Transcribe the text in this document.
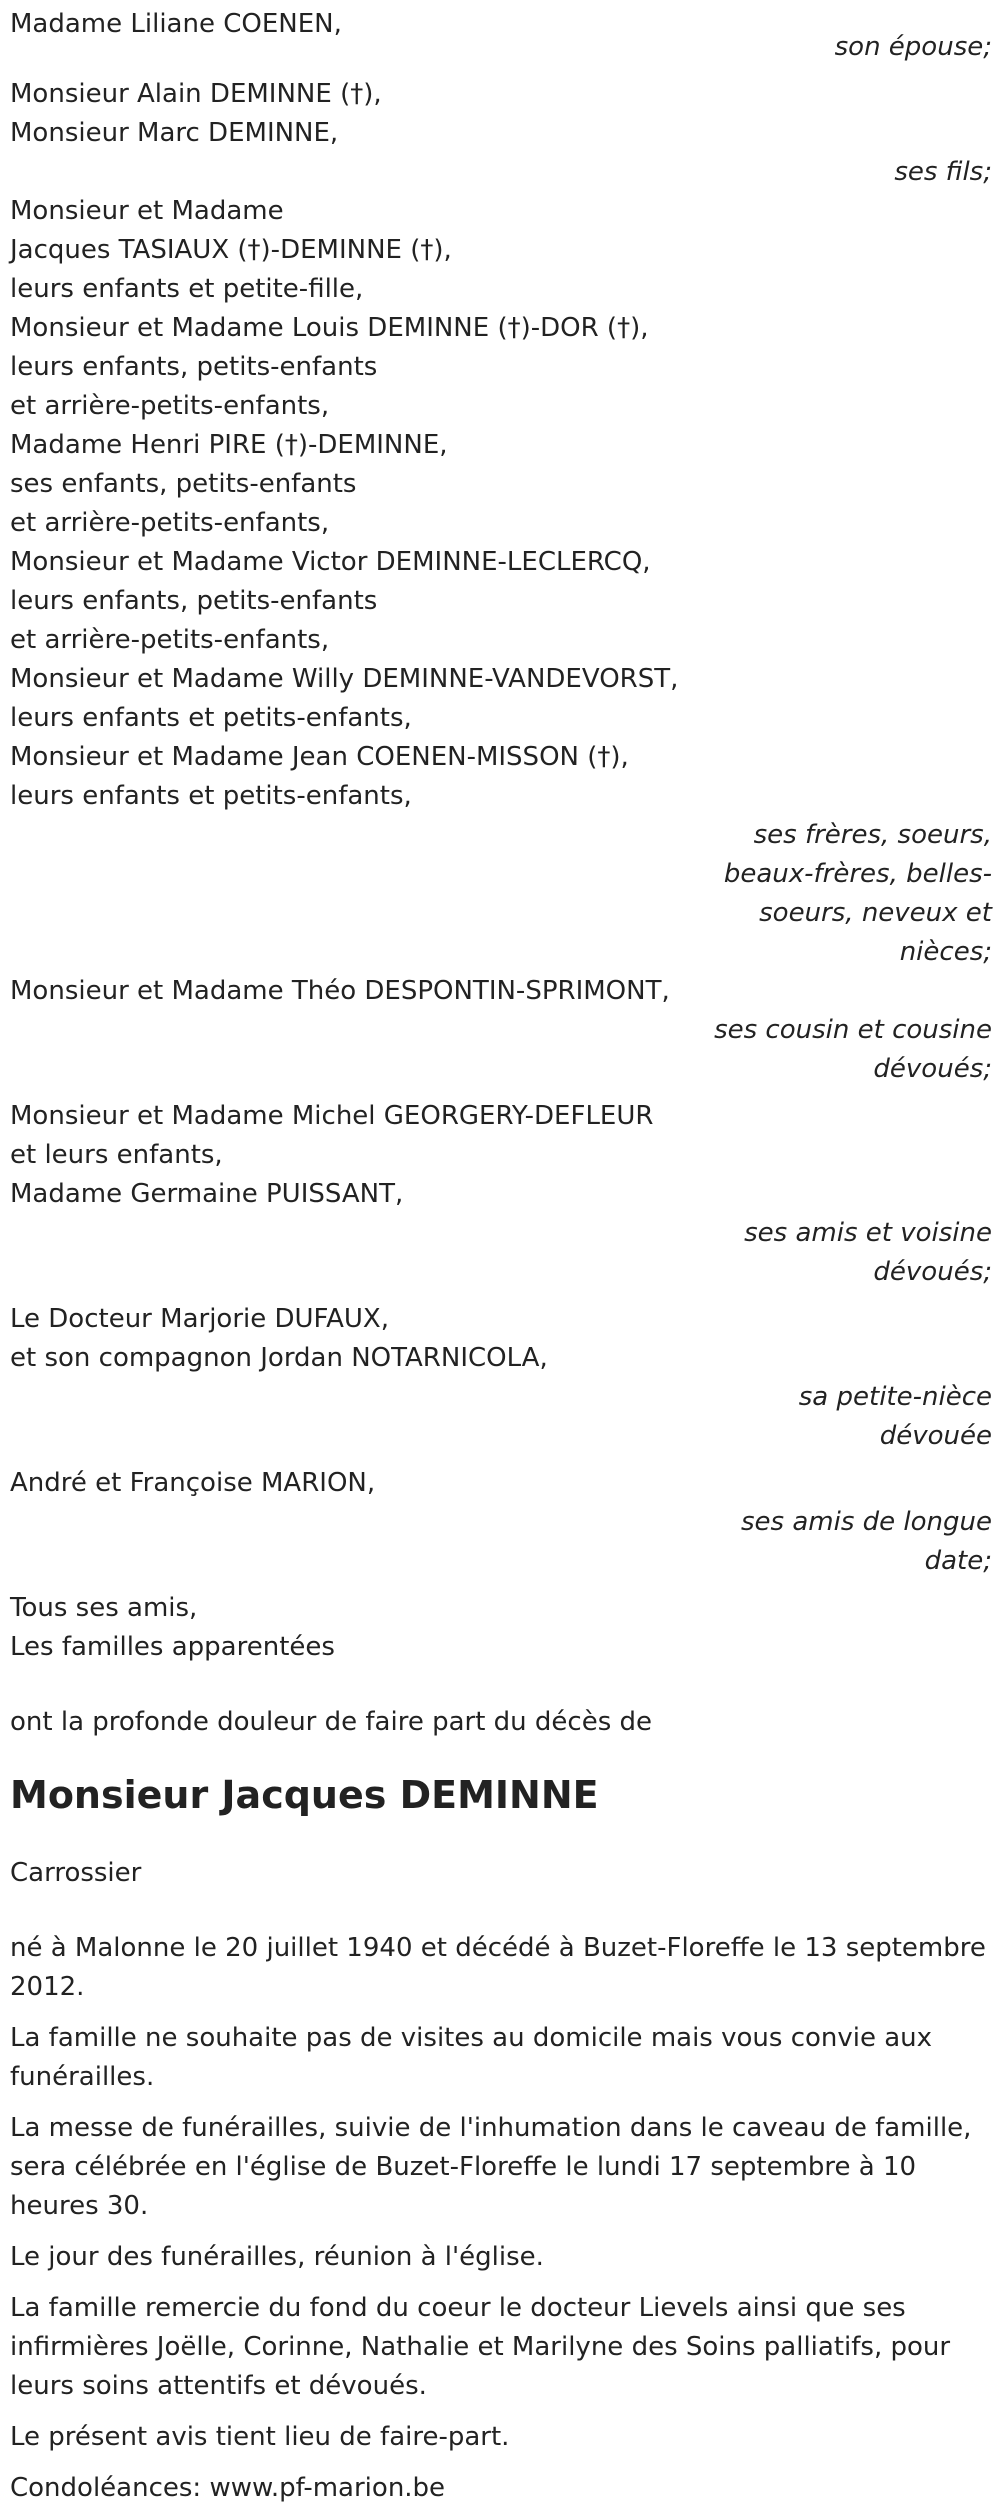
Madame Liliane COENEN,
son épouse;
Monsieur Alain DEMINNE (†),
Monsieur Marc DEMINNE,
ses fils;
Monsieur et Madame
Jacques TASIAUX (†)-DEMINNE (†),
leurs enfants et petite-fille,
Monsieur et Madame Louis DEMINNE (†)-DOR (†),
leurs enfants, petits-enfants
et arrière-petits-enfants,
Madame Henri PIRE (†)-DEMINNE,
ses enfants, petits-enfants
et arrière-petits-enfants,
Monsieur et Madame Victor DEMINNE-LECLERCQ,
leurs enfants, petits-enfants
et arrière-petits-enfants,
Monsieur et Madame Willy DEMINNE-VANDEVORST,
leurs enfants et petits-enfants,
Monsieur et Madame Jean COENEN-MISSON (†),
leurs enfants et petits-enfants,
ses frères, soeurs, beaux-frères, belles-soeurs, neveux et nièces;
Monsieur et Madame Théo DESPONTIN-SPRIMONT,
ses cousin et cousine dévoués;
Monsieur et Madame Michel GEORGERY-DEFLEUR
et leurs enfants,
Madame Germaine PUISSANT,
ses amis et voisine dévoués;
Le Docteur Marjorie DUFAUX,
et son compagnon Jordan NOTARNICOLA,
sa petite-nièce dévouée
André et Françoise MARION,
ses amis de longue date;
Tous ses amis,
Les familles apparentées
ont la profonde douleur de faire part du décès de
Monsieur Jacques DEMINNE
Carrossier
né à Malonne le 20 juillet 1940 et décédé à Buzet-Floreffe le 13 septembre 2012.
La famille ne souhaite pas de visites au domicile mais vous convie aux funérailles.
La messe de funérailles, suivie de l'inhumation dans le caveau de famille, sera célébrée en l'église de Buzet-Floreffe le lundi 17 septembre à 10 heures 30.
Le jour des funérailles, réunion à l'église.
La famille remercie du fond du coeur le docteur Lievels ainsi que ses infirmières Joëlle, Corinne, Nathalie et Marilyne des Soins palliatifs, pour leurs soins attentifs et dévoués.
Le présent avis tient lieu de faire-part.
Condoléances: www.pf-marion.be
